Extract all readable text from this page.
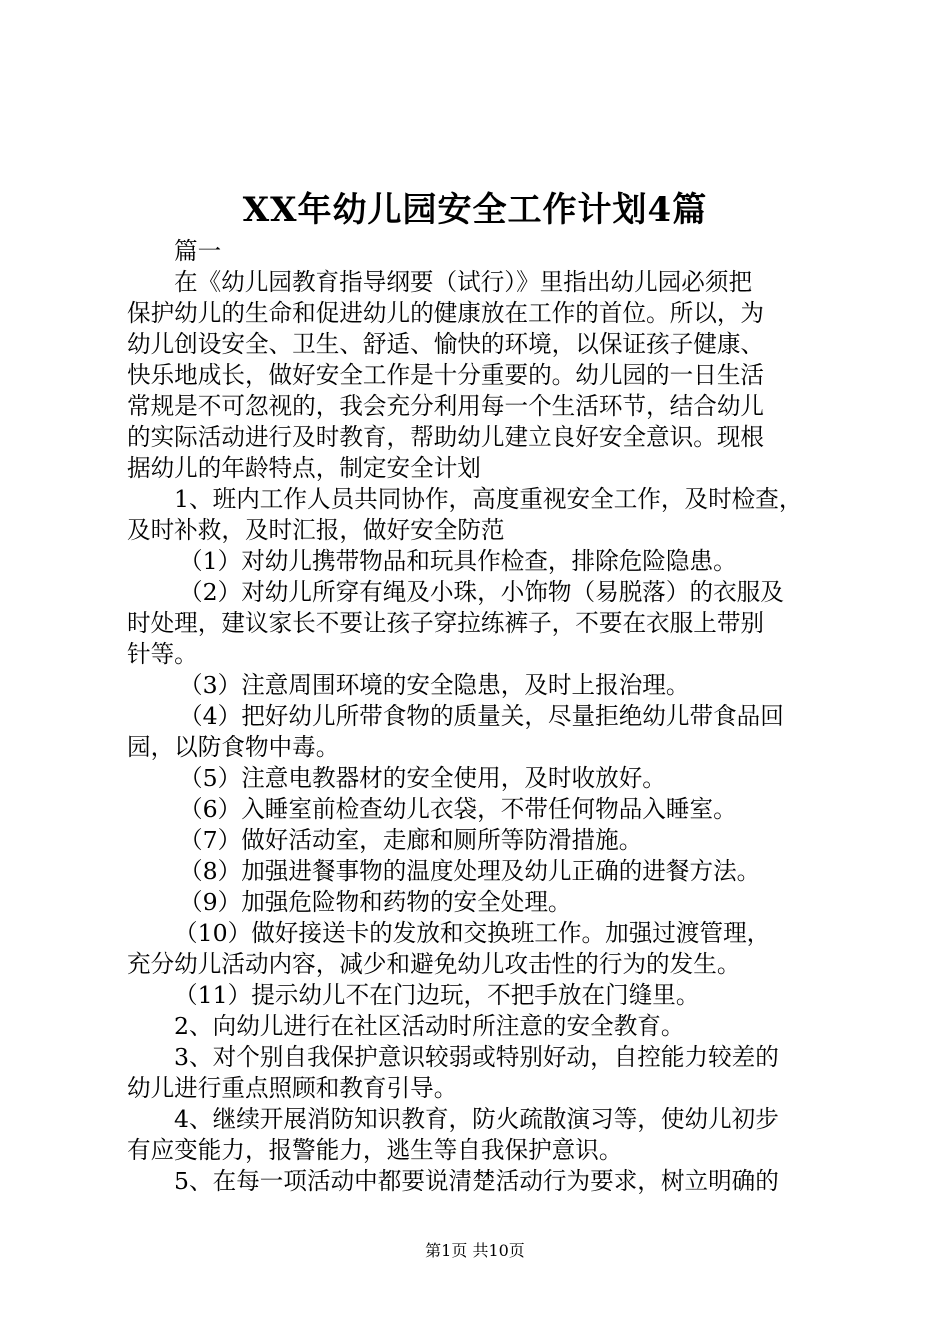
XX年幼儿园安全工作计划4篇
篇一
在《幼儿园教育指导纲要（试行）》里指出幼儿园必须把
保护幼儿的生命和促进幼儿的健康放在工作的首位。所以，为
幼儿创设安全、卫生、舒适、愉快的环境，以保证孩子健康、
快乐地成长，做好安全工作是十分重要的。幼儿园的一日生活
常规是不可忽视的，我会充分利用每一个生活环节，结合幼儿
的实际活动进行及时教育，帮助幼儿建立良好安全意识。现根
据幼儿的年龄特点，制定安全计划
1、班内工作人员共同协作，高度重视安全工作，及时检查，
及时补救，及时汇报，做好安全防范
（1）对幼儿携带物品和玩具作检查，排除危险隐患。
（2）对幼儿所穿有绳及小珠，小饰物（易脱落）的衣服及
时处理，建议家长不要让孩子穿拉练裤子，不要在衣服上带别
针等。
（3）注意周围环境的安全隐患，及时上报治理。
（4）把好幼儿所带食物的质量关，尽量拒绝幼儿带食品回
园，以防食物中毒。
（5）注意电教器材的安全使用，及时收放好。
（6）入睡室前检查幼儿衣袋，不带任何物品入睡室。
（7）做好活动室，走廊和厕所等防滑措施。
（8）加强进餐事物的温度处理及幼儿正确的进餐方法。
（9）加强危险物和药物的安全处理。
（10）做好接送卡的发放和交换班工作。加强过渡管理，
充分幼儿活动内容，减少和避免幼儿攻击性的行为的发生。
（11）提示幼儿不在门边玩，不把手放在门缝里。
2、向幼儿进行在社区活动时所注意的安全教育。
3、对个别自我保护意识较弱或特别好动，自控能力较差的
幼儿进行重点照顾和教育引导。
4、继续开展消防知识教育，防火疏散演习等，使幼儿初步
有应变能力，报警能力，逃生等自我保护意识。
5、在每一项活动中都要说清楚活动行为要求，树立明确的
第1页 共10页
